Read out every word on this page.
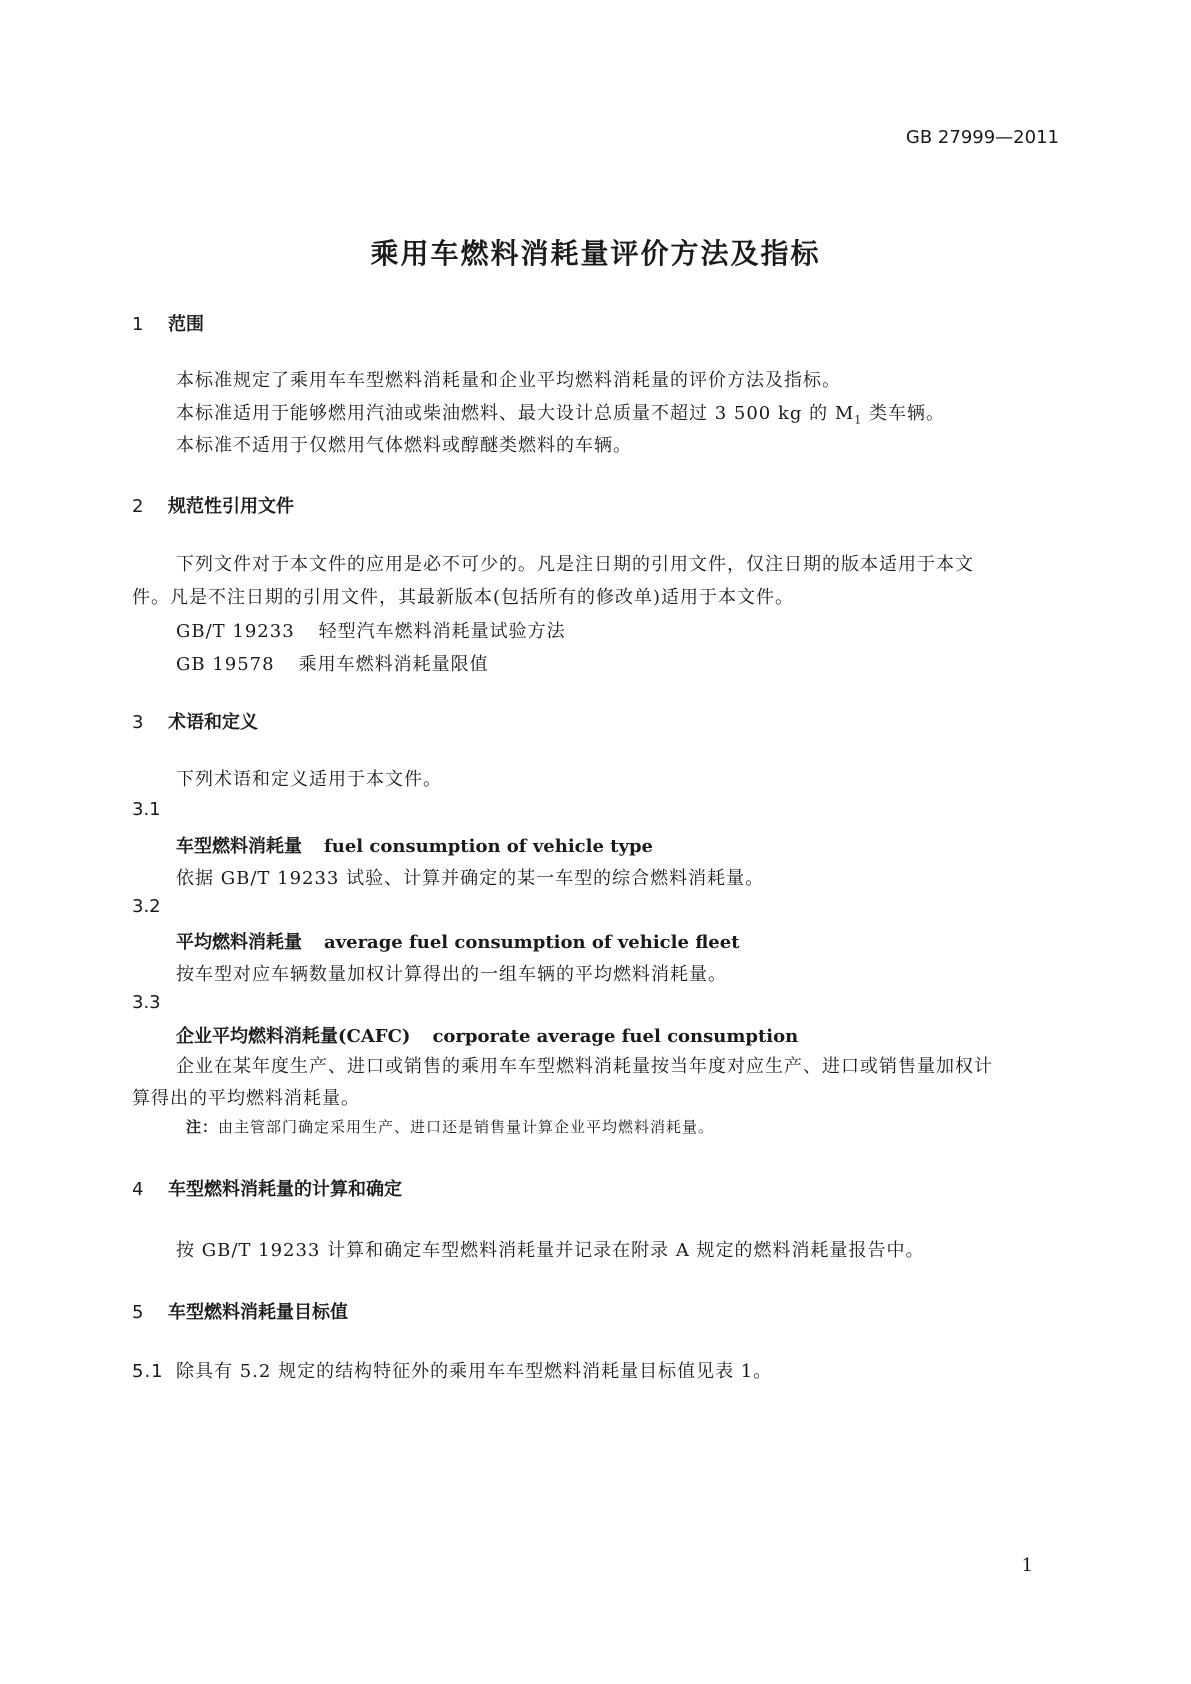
GB 27999—2011
乘用车燃料消耗量评价方法及指标
1 范围
本标准规定了乘用车车型燃料消耗量和企业平均燃料消耗量的评价方法及指标。
本标准适用于能够燃用汽油或柴油燃料、最大设计总质量不超过 3 500 kg 的 $M_1$ 类车辆。
本标准不适用于仅燃用气体燃料或醇醚类燃料的车辆。
2 规范性引用文件
下列文件对于本文件的应用是必不可少的。凡是注日期的引用文件，仅注日期的版本适用于本文
件。凡是不注日期的引用文件，其最新版本(包括所有的修改单)适用于本文件。
GB/T 19233 轻型汽车燃料消耗量试验方法
GB 19578 乘用车燃料消耗量限值
3 术语和定义
下列术语和定义适用于本文件。
3.1
车型燃料消耗量 fuel consumption of vehicle type
依据 GB/T 19233 试验、计算并确定的某一车型的综合燃料消耗量。
3.2
平均燃料消耗量 average fuel consumption of vehicle fleet
按车型对应车辆数量加权计算得出的一组车辆的平均燃料消耗量。
3.3
企业平均燃料消耗量(CAFC) corporate average fuel consumption
企业在某年度生产、进口或销售的乘用车车型燃料消耗量按当年度对应生产、进口或销售量加权计
算得出的平均燃料消耗量。
注：由主管部门确定采用生产、进口还是销售量计算企业平均燃料消耗量。
4 车型燃料消耗量的计算和确定
按 GB/T 19233 计算和确定车型燃料消耗量并记录在附录 A 规定的燃料消耗量报告中。
5 车型燃料消耗量目标值
5.1 除具有 5.2 规定的结构特征外的乘用车车型燃料消耗量目标值见表 1。
1
